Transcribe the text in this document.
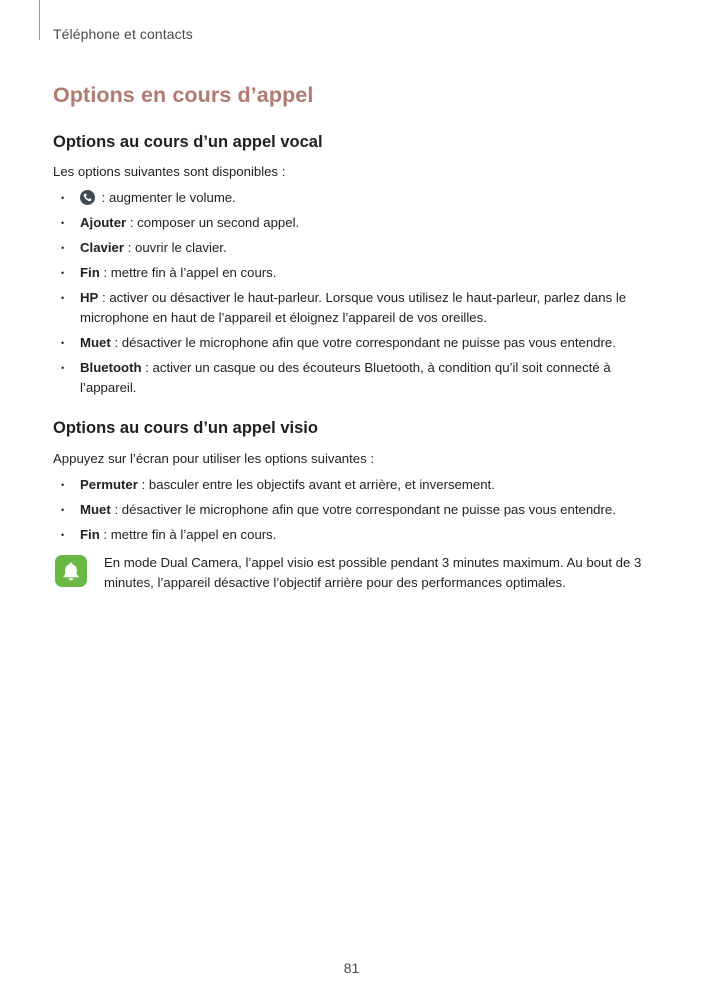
Téléphone et contacts
Options en cours d’appel
Options au cours d’un appel vocal

Les options suivantes sont disponibles :

• : augmenter le volume.
• Ajouter : composer un second appel.
• Clavier : ouvrir le clavier.
• Fin : mettre fin à l’appel en cours.
• HP : activer ou désactiver le haut-parleur. Lorsque vous utilisez le haut-parleur, parlez dans le microphone en haut de l’appareil et éloignez l’appareil de vos oreilles.
• Muet : désactiver le microphone afin que votre correspondant ne puisse pas vous entendre.
• Bluetooth : activer un casque ou des écouteurs Bluetooth, à condition qu’il soit connecté à l’appareil.
Options au cours d’un appel visio

Appuyez sur l’écran pour utiliser les options suivantes :

• Permuter : basculer entre les objectifs avant et arrière, et inversement.
• Muet : désactiver le microphone afin que votre correspondant ne puisse pas vous entendre.
• Fin : mettre fin à l’appel en cours.

En mode Dual Camera, l’appel visio est possible pendant 3 minutes maximum. Au bout de 3 minutes, l’appareil désactive l’objectif arrière pour des performances optimales.

81
